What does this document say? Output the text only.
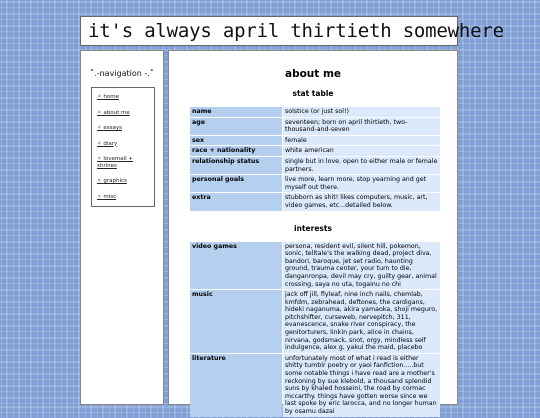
it's always april thirtieth somewhere
˚.-navigation -.˚
✧ home
✧ about me
✧ essays
✧ diary
✧ lovemail + shrines
✧ graphics
✧ misc
about me
stat table
name	solstice (or just sol!)
age	seventeen; born on april thirtieth, two-thousand-and-seven
sex	female
race + nationality	white american
relationship status	single but in love. open to either male or female partners.
personal goals	live more, learn more, stop yearning and get myself out there.
extra	stubborn as shit! likes computers, music, art, video games, etc...detailed below.
interests
video games	persona, resident evil, silent hill, pokemon, sonic, telltale's the walking dead, project diva, bandori, baroque, jet set radio, haunting ground, trauma center, your turn to die, danganronpa, devil may cry, guilty gear, animal crossing, saya no uta, togainu no chi
music	jack off jill, flyleaf, nine inch nails, chemlab, kmfdm, zebrahead, deftones, the cardigans, hideki naganuma, akira yamaoka, shoji meguro, pitchshifter, curseweb, nervepitch, 311, evanescence, snake river conspiracy, the genitorturers, linkin park, alice in chains, nirvana, godsmack, snot, orgy, mindless self indulgence, alex g, yakui the maid, placebo
literature	unfortunately most of what i read is either shitty tumblr poetry or yaoi fanfiction.....but some notable things i have read are a mother's reckoning by sue klebold, a thousand splendid suns by khaled hosseini, the road by cormac mccarthy. things have gotten worse since we last spoke by eric larocca, and no longer human by osamu dazai
